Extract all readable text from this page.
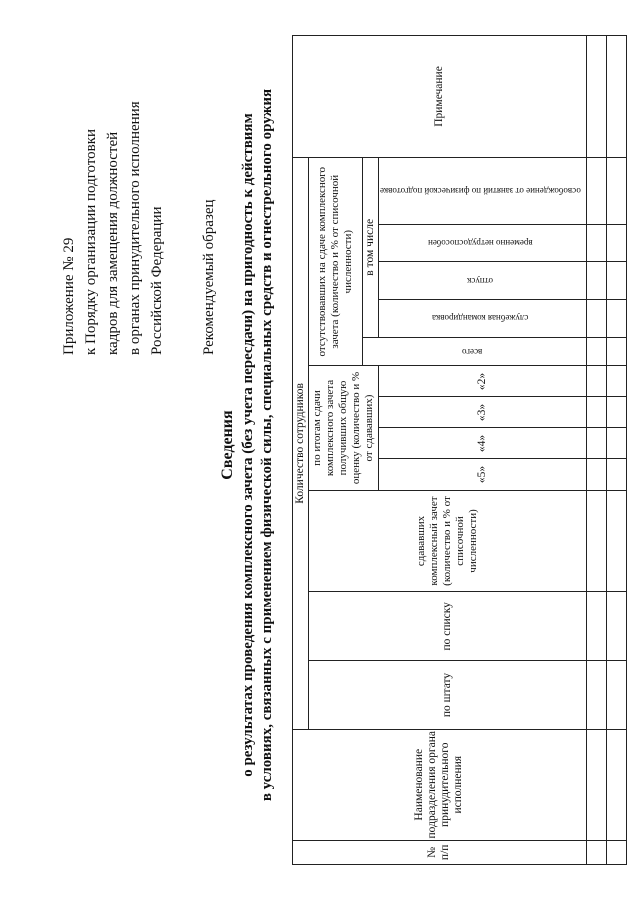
Приложение № 29 к Порядку организации подготовки кадров для замещения должностей в органах принудительного исполнения Российской Федерации Рекомендуемый образец
Сведения о результатах проведения комплексного зачета (без учета пересдачи) на пригодность к действиям в условиях, связанных с применением физической силы, специальных средств и огнестрельного оружия
№ п/п	Наименование подразделения органа принудительного исполнения	Количество сотрудников												Примечание
		по штату	по списку	сдававших комплексный зачет (количество и % от списочной численности)	по итогам сдачи комплексного зачета получивших общую оценку (количество и % от сдававших)				отсутствовавших на сдаче комплексного зачета (количество и % от списочной численности)					
									всего	в том числе				
					«5»	«4»	«3»	«2»		служебная командировка	отпуск	временно нетрудоспособен	освобождение от занятий по физической подготовке	
